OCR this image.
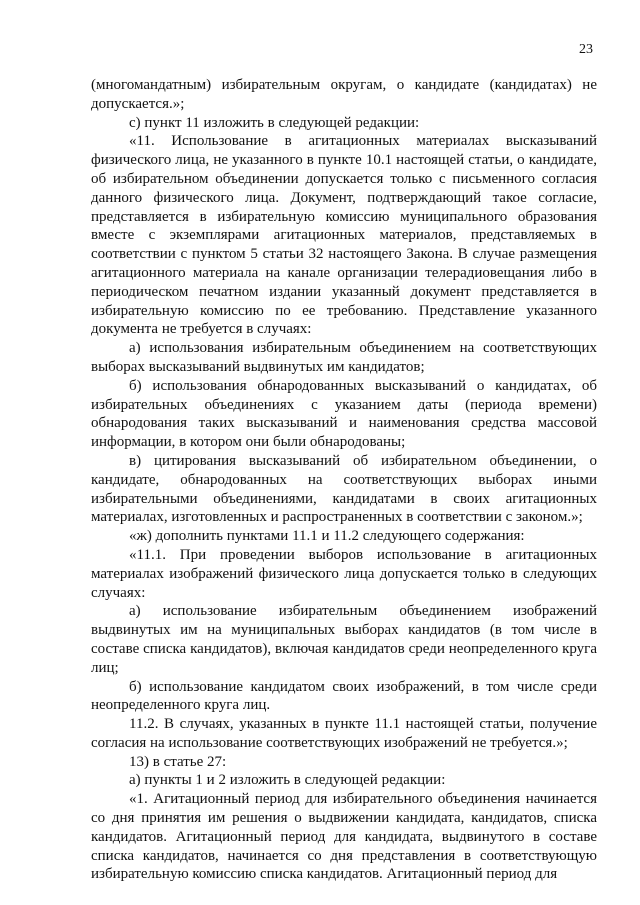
23

(многомандатным) избирательным округам, о кандидате (кандидатах) не допускается.»;

с) пункт 11 изложить в следующей редакции:

«11. Использование в агитационных материалах высказываний физического лица, не указанного в пункте 10.1 настоящей статьи, о кандидате, об избирательном объединении допускается только с письменного согласия данного физического лица. Документ, подтверждающий такое согласие, представляется в избирательную комиссию муниципального образования вместе с экземплярами агитационных материалов, представляемых в соответствии с пунктом 5 статьи 32 настоящего Закона. В случае размещения агитационного материала на канале организации телерадиовещания либо в периодическом печатном издании указанный документ представляется в избирательную комиссию по ее требованию. Представление указанного документа не требуется в случаях:

а) использования избирательным объединением на соответствующих выборах высказываний выдвинутых им кандидатов;

б) использования обнародованных высказываний о кандидатах, об избирательных объединениях с указанием даты (периода времени) обнародования таких высказываний и наименования средства массовой информации, в котором они были обнародованы;

в) цитирования высказываний об избирательном объединении, о кандидате, обнародованных на соответствующих выборах иными избирательными объединениями, кандидатами в своих агитационных материалах, изготовленных и распространенных в соответствии с законом.»;

«ж) дополнить пунктами 11.1 и 11.2 следующего содержания:

«11.1. При проведении выборов использование в агитационных материалах изображений физического лица допускается только в следующих случаях:

а) использование избирательным объединением изображений выдвинутых им на муниципальных выборах кандидатов (в том числе в составе списка кандидатов), включая кандидатов среди неопределенного круга лиц;

б) использование кандидатом своих изображений, в том числе среди неопределенного круга лиц.

11.2. В случаях, указанных в пункте 11.1 настоящей статьи, получение согласия на использование соответствующих изображений не требуется.»;

13) в статье 27:

а) пункты 1 и 2 изложить в следующей редакции:

«1. Агитационный период для избирательного объединения начинается со дня принятия им решения о выдвижении кандидата, кандидатов, списка кандидатов. Агитационный период для кандидата, выдвинутого в составе списка кандидатов, начинается со дня представления в соответствующую избирательную комиссию списка кандидатов. Агитационный период для
